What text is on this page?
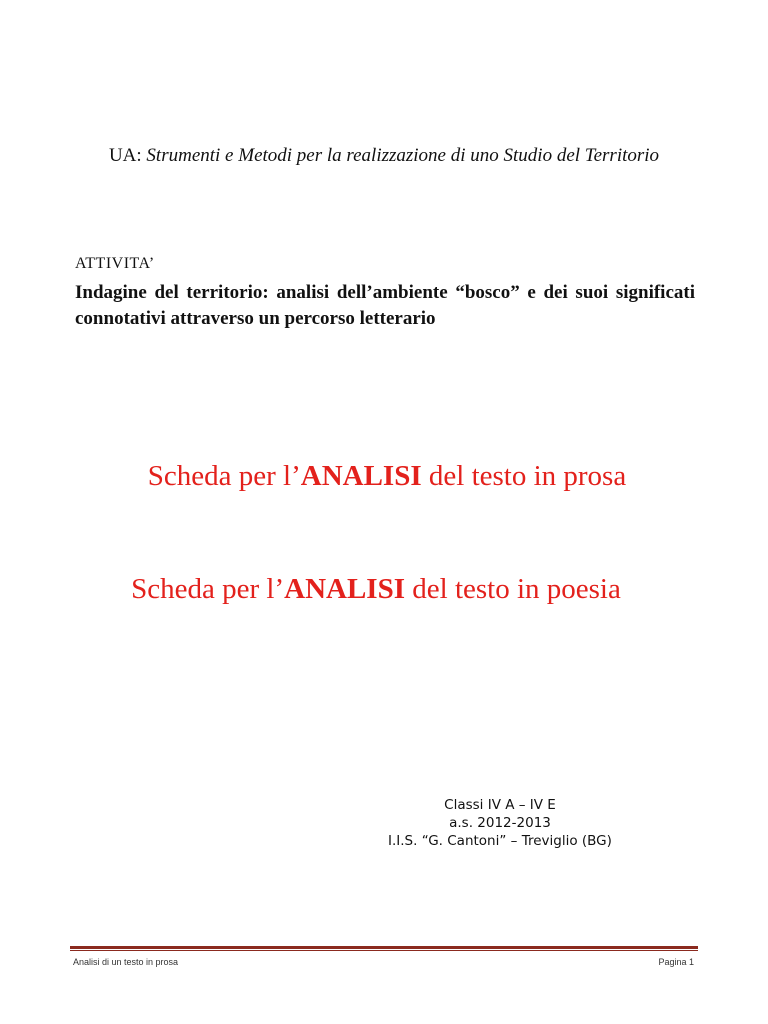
UA: Strumenti e Metodi per la realizzazione di uno Studio del Territorio
ATTIVITA’
Indagine del territorio: analisi dell’ambiente “bosco” e dei suoi significati connotativi attraverso un percorso letterario
Scheda per l’ANALISI del testo in prosa
Scheda per l’ANALISI del testo in poesia
Classi IV A – IV E
a.s. 2012-2013
I.I.S. “G. Cantoni” – Treviglio (BG)
Analisi di un testo in prosa	Pagina 1
